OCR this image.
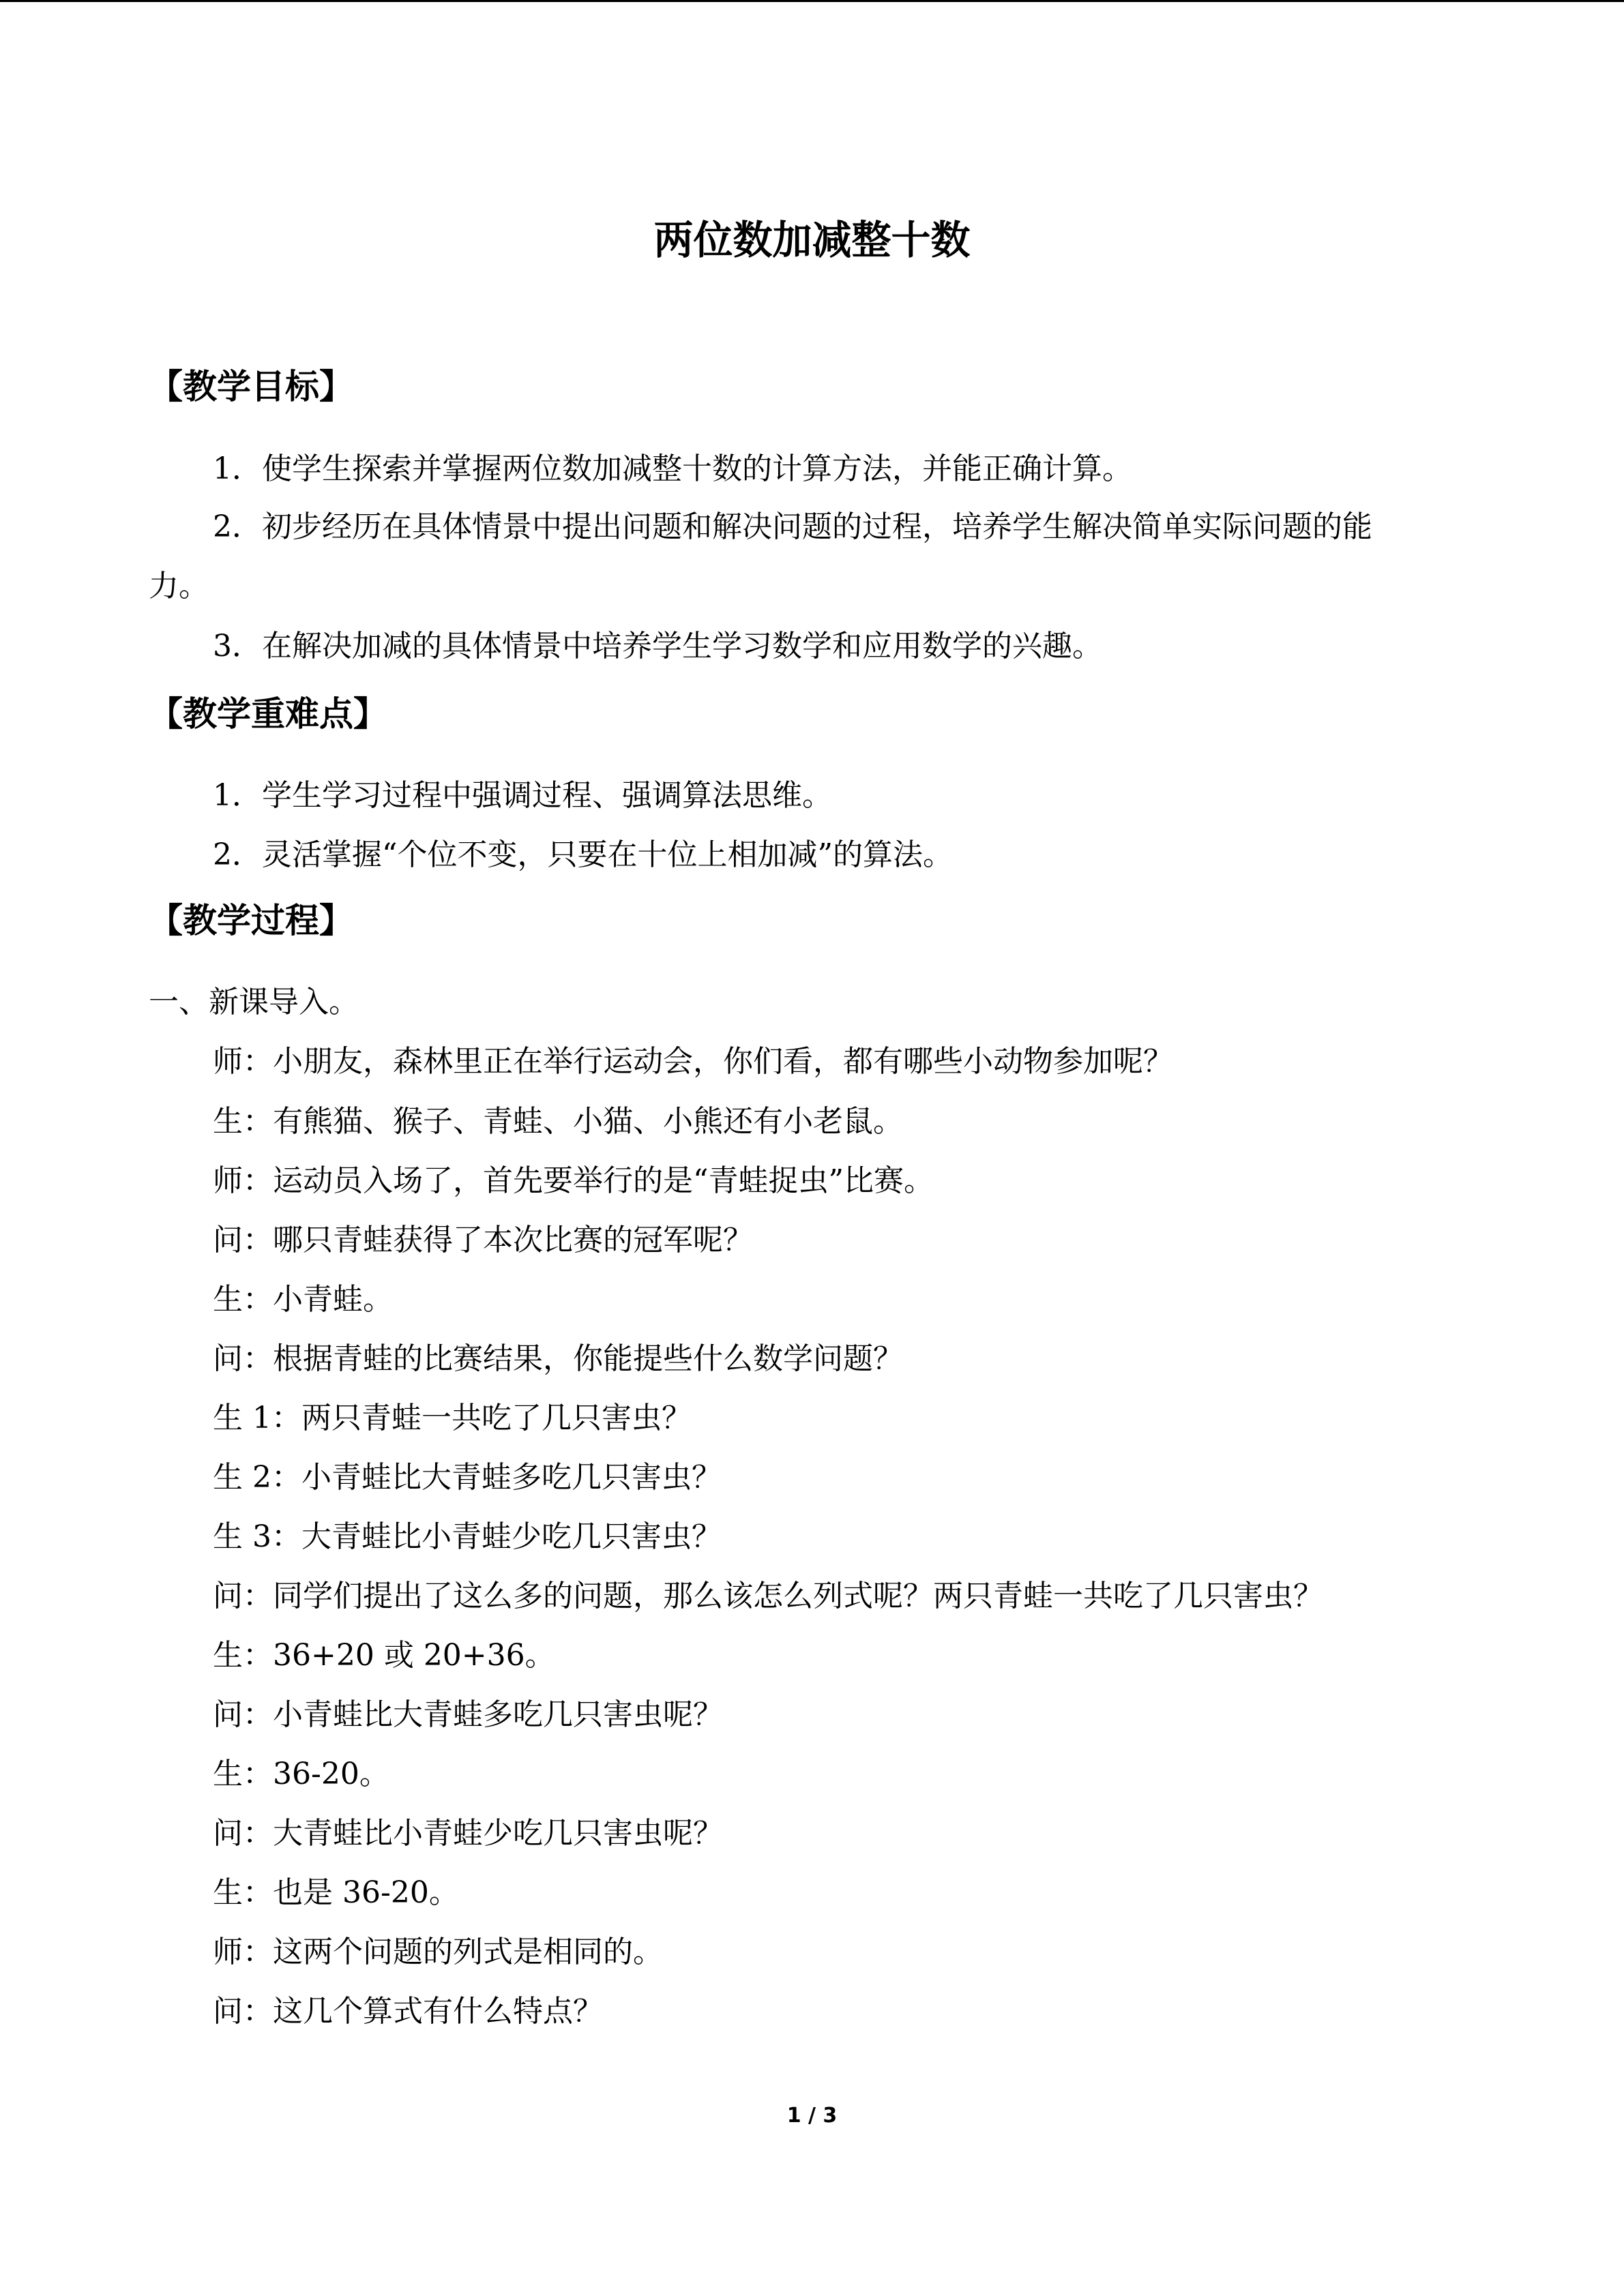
两位数加减整十数
【教学目标】
1．使学生探索并掌握两位数加减整十数的计算方法，并能正确计算。
2．初步经历在具体情景中提出问题和解决问题的过程，培养学生解决简单实际问题的能
力。
3．在解决加减的具体情景中培养学生学习数学和应用数学的兴趣。
【教学重难点】
1．学生学习过程中强调过程、强调算法思维。
2．灵活掌握“个位不变，只要在十位上相加减”的算法。
【教学过程】
一、新课导入。
师：小朋友，森林里正在举行运动会，你们看，都有哪些小动物参加呢？
生：有熊猫、猴子、青蛙、小猫、小熊还有小老鼠。
师：运动员入场了，首先要举行的是“青蛙捉虫”比赛。
问：哪只青蛙获得了本次比赛的冠军呢？
生：小青蛙。
问：根据青蛙的比赛结果，你能提些什么数学问题？
生 1：两只青蛙一共吃了几只害虫？
生 2：小青蛙比大青蛙多吃几只害虫？
生 3：大青蛙比小青蛙少吃几只害虫？
问：同学们提出了这么多的问题，那么该怎么列式呢？两只青蛙一共吃了几只害虫？
生：36+20 或 20+36。
问：小青蛙比大青蛙多吃几只害虫呢？
生：36-20。
问：大青蛙比小青蛙少吃几只害虫呢？
生：也是 36-20。
师：这两个问题的列式是相同的。
问：这几个算式有什么特点？
1 / 3
